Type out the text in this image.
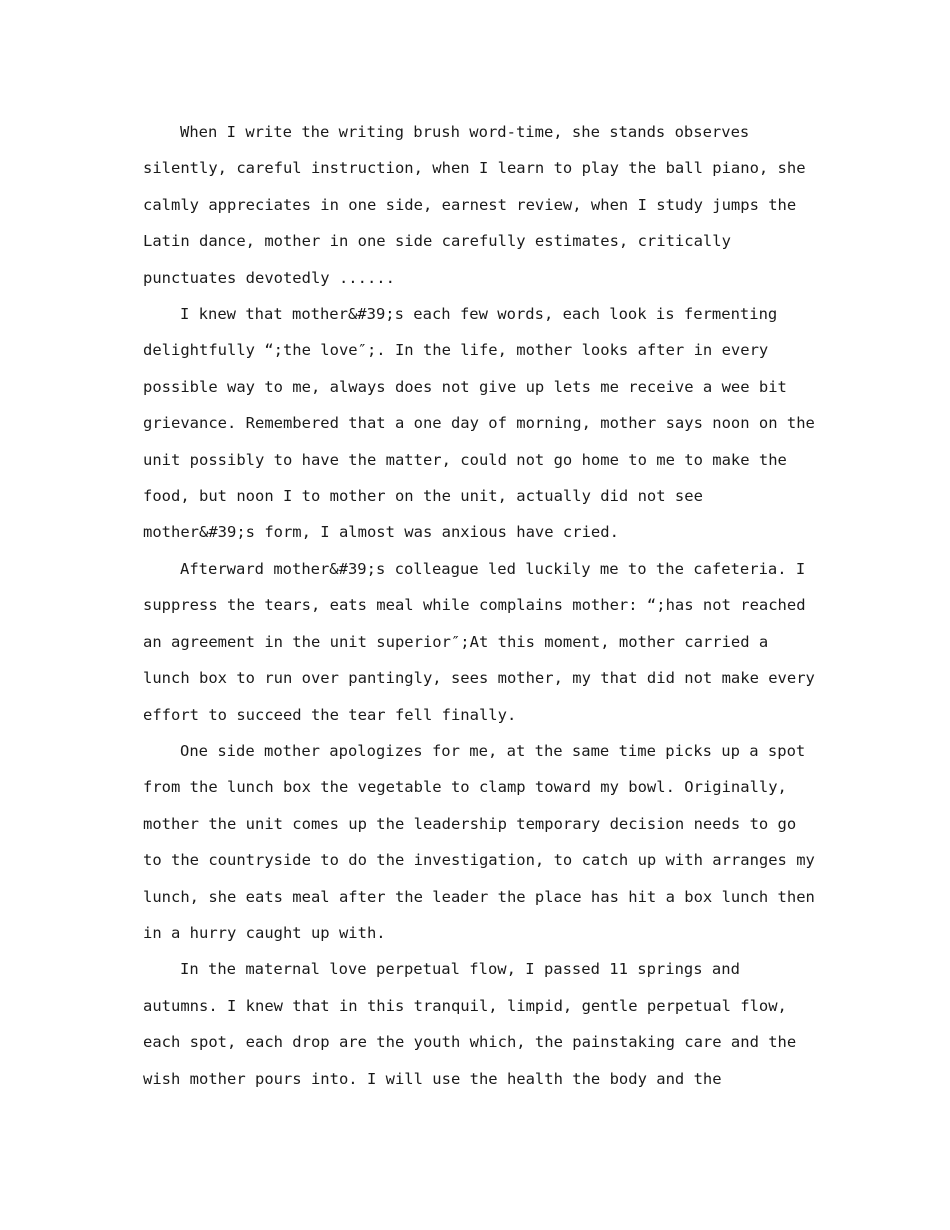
When I write the writing brush word-time, she stands observes silently, careful instruction, when I learn to play the ball piano, she calmly appreciates in one side, earnest review, when I study jumps the Latin dance, mother in one side carefully estimates, critically punctuates devotedly ......

I knew that mother&#39;s each few words, each look is fermenting delightfully “;the love″;. In the life, mother looks after in every possible way to me, always does not give up lets me receive a wee bit grievance. Remembered that a one day of morning, mother says noon on the unit possibly to have the matter, could not go home to me to make the food, but noon I to mother on the unit, actually did not see mother&#39;s form, I almost was anxious have cried.

Afterward mother&#39;s colleague led luckily me to the cafeteria. I suppress the tears, eats meal while complains mother: “;has not reached an agreement in the unit superior″;At this moment, mother carried a lunch box to run over pantingly, sees mother, my that did not make every effort to succeed the tear fell finally.

One side mother apologizes for me, at the same time picks up a spot from the lunch box the vegetable to clamp toward my bowl. Originally, mother the unit comes up the leadership temporary decision needs to go to the countryside to do the investigation, to catch up with arranges my lunch, she eats meal after the leader the place has hit a box lunch then in a hurry caught up with.

In the maternal love perpetual flow, I passed 11 springs and autumns. I knew that in this tranquil, limpid, gentle perpetual flow, each spot, each drop are the youth which, the painstaking care and the wish mother pours into. I will use the health the body and the
